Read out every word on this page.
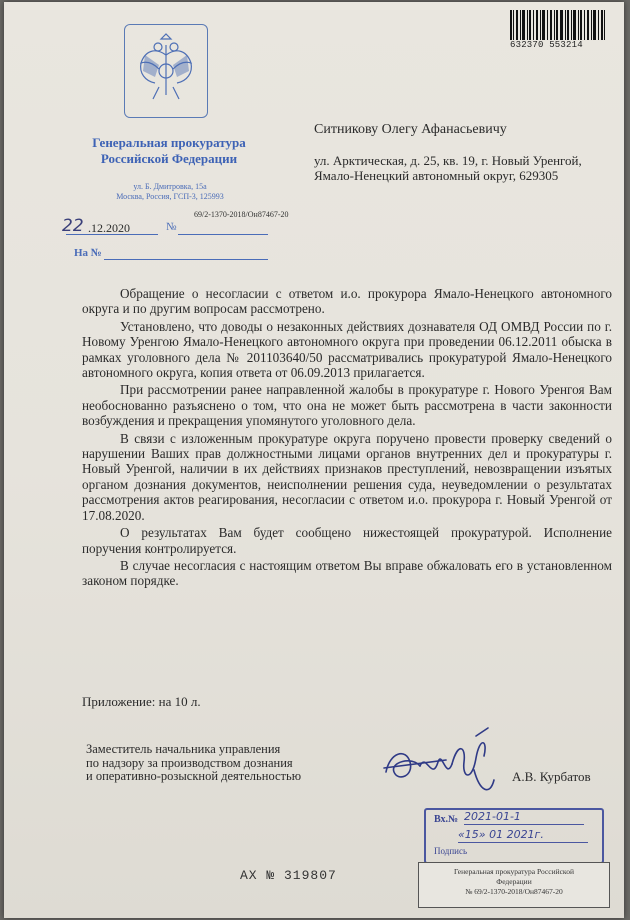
632370 553214
Генеральная прокуратура
Российской Федерации
ул. Б. Дмитровка, 15а
Москва, Россия, ГСП-3, 125993
69/2-1370-2018/Он87467-20
22 .12.2020	№
На №
Ситникову Олегу Афанасьевичу
ул. Арктическая, д. 25, кв. 19, г. Новый Уренгой, Ямало-Ненецкий автономный округ, 629305

Обращение о несогласии с ответом и.о. прокурора Ямало-Ненецкого автономного округа и по другим вопросам рассмотрено.

Установлено, что доводы о незаконных действиях дознавателя ОД ОМВД России по г. Новому Уренгою Ямало-Ненецкого автономного округа при проведении 06.12.2011 обыска в рамках уголовного дела № 201103640/50 рассматривались прокуратурой Ямало-Ненецкого автономного округа, копия ответа от 06.09.2013 прилагается.

При рассмотрении ранее направленной жалобы в прокуратуре г. Нового Уренгоя Вам необоснованно разъяснено о том, что она не может быть рассмотрена в части законности возбуждения и прекращения упомянутого уголовного дела.

В связи с изложенным прокуратуре округа поручено провести проверку сведений о нарушении Ваших прав должностными лицами органов внутренних дел и прокуратуры г. Новый Уренгой, наличии в их действиях признаков преступлений, невозвращении изъятых органом дознания документов, неисполнении решения суда, неуведомлении о результатах рассмотрения актов реагирования, несогласии с ответом и.о. прокурора г. Новый Уренгой от 17.08.2020.

О результатах Вам будет сообщено нижестоящей прокуратурой. Исполнение поручения контролируется.

В случае несогласия с настоящим ответом Вы вправе обжаловать его в установленном законом порядке.

Приложение: на 10 л.
Заместитель начальника управления
по надзору за производством дознания
и оперативно-розыскной деятельностью	А.В. Курбатов
Вх.№ 2021-01-1
«15» 01 2021г.
Подпись
АХ № 319807	Генеральная прокуратура Российской
Федерации
№ 69/2-1370-2018/Он87467-20
